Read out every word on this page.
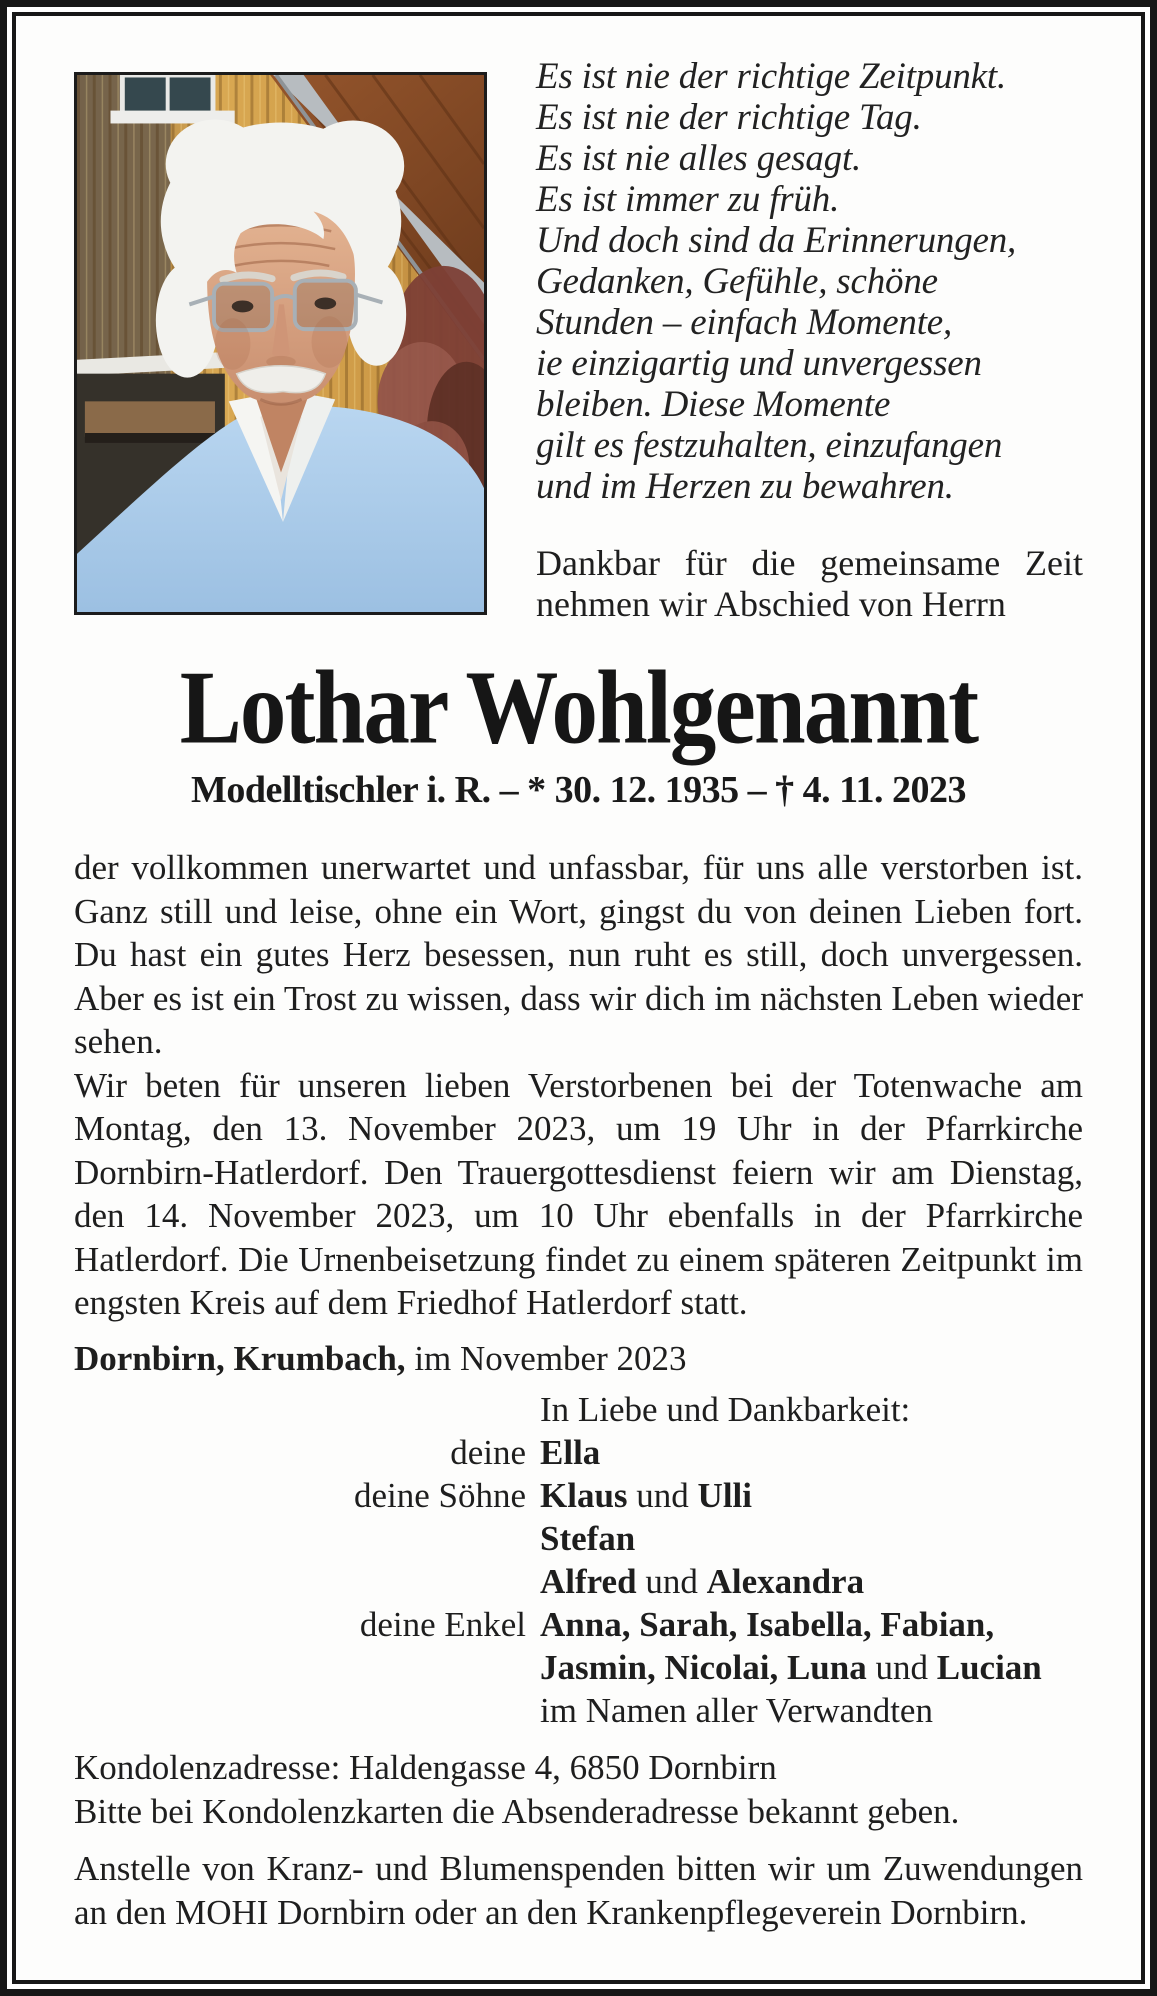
Es ist nie der richtige Zeitpunkt.
Es ist nie der richtige Tag.
Es ist nie alles gesagt.
Es ist immer zu früh.
Und doch sind da Erinnerungen,
Gedanken, Gefühle, schöne
Stunden – einfach Momente,
ie einzigartig und unvergessen
bleiben. Diese Momente
gilt es festzuhalten, einzufangen
und im Herzen zu bewahren.

Dankbar für die gemeinsame Zeit nehmen wir Abschied von Herrn

Lothar Wohlgenannt
Modelltischler i. R. – * 30. 12. 1935 – † 4. 11. 2023

der vollkommen unerwartet und unfassbar, für uns alle verstorben ist. Ganz still und leise, ohne ein Wort, gingst du von deinen Lieben fort. Du hast ein gutes Herz besessen, nun ruht es still, doch unvergessen. Aber es ist ein Trost zu wissen, dass wir dich im nächsten Leben wieder sehen.

Wir beten für unseren lieben Verstorbenen bei der Totenwache am Montag, den 13. November 2023, um 19 Uhr in der Pfarrkirche Dornbirn-Hatlerdorf. Den Trauergottesdienst feiern wir am Dienstag, den 14. November 2023, um 10 Uhr ebenfalls in der Pfarrkirche Hatlerdorf. Die Urnenbeisetzung findet zu einem späteren Zeitpunkt im engsten Kreis auf dem Friedhof Hatlerdorf statt.

Dornbirn, Krumbach, im November 2023
In Liebe und Dankbarkeit:
deine Ella
deine Söhne Klaus und Ulli
Stefan
Alfred und Alexandra
deine Enkel Anna, Sarah, Isabella, Fabian,
Jasmin, Nicolai, Luna und Lucian
im Namen aller Verwandten
Kondolenzadresse: Haldengasse 4, 6850 Dornbirn
Bitte bei Kondolenzkarten die Absenderadresse bekannt geben.

Anstelle von Kranz- und Blumenspenden bitten wir um Zuwendungen an den MOHI Dornbirn oder an den Krankenpflegeverein Dornbirn.
